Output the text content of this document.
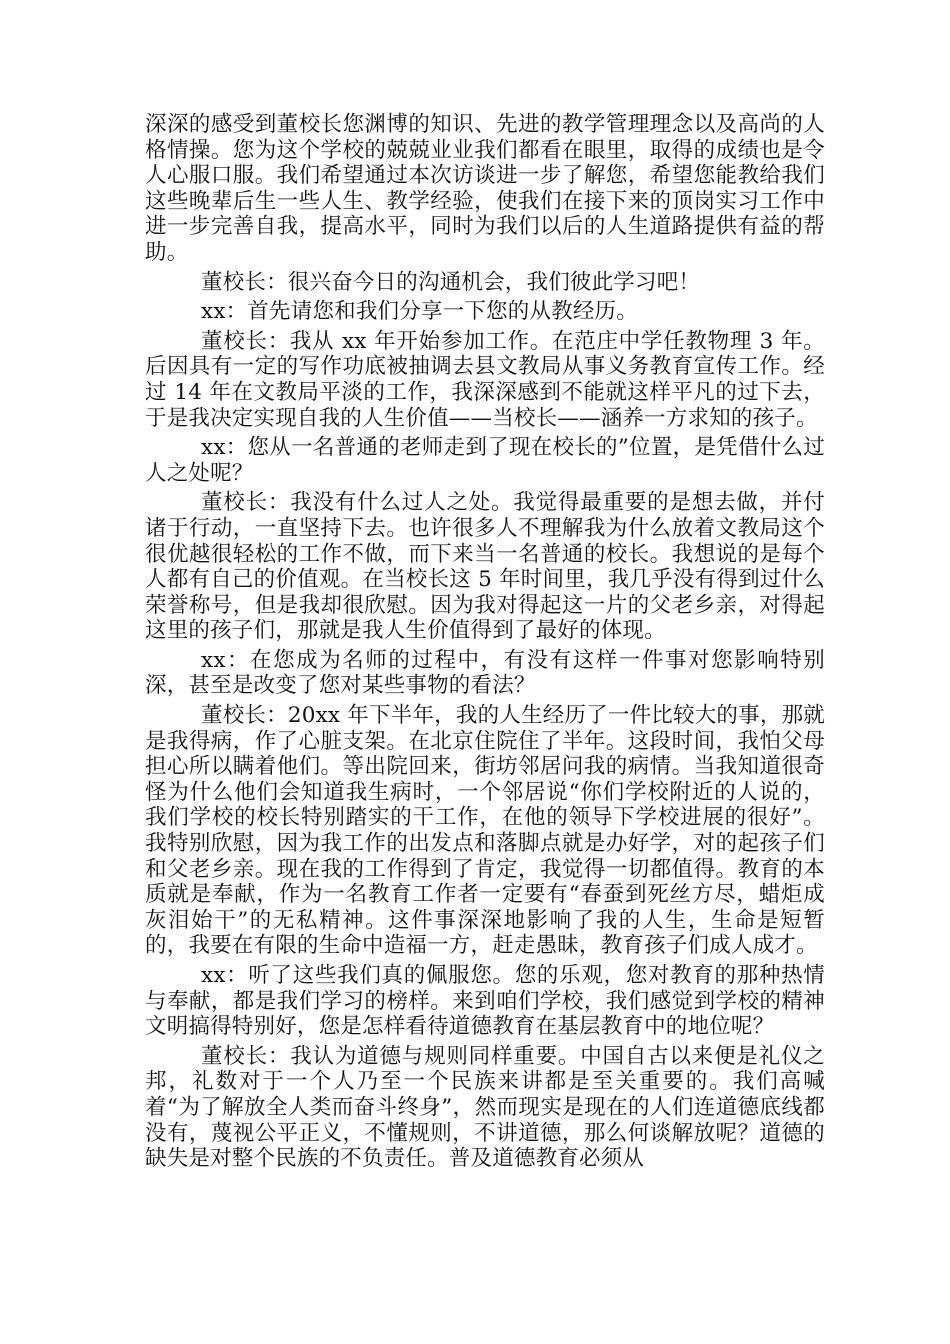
深深的感受到董校长您渊博的知识、先进的教学管理理念以及高尚的人格情操。您为这个学校的兢兢业业我们都看在眼里，取得的成绩也是令人心服口服。我们希望通过本次访谈进一步了解您，希望您能教给我们这些晚辈后生一些人生、教学经验，使我们在接下来的顶岗实习工作中进一步完善自我，提高水平，同时为我们以后的人生道路提供有益的帮助。

董校长：很兴奋今日的沟通机会，我们彼此学习吧！

xx：首先请您和我们分享一下您的从教经历。

董校长：我从 xx 年开始参加工作。在范庄中学任教物理 3 年。后因具有一定的写作功底被抽调去县文教局从事义务教育宣传工作。经过 14 年在文教局平淡的工作，我深深感到不能就这样平凡的过下去，于是我决定实现自我的人生价值——当校长——涵养一方求知的孩子。

xx：您从一名普通的老师走到了现在校长的”位置，是凭借什么过人之处呢？

董校长：我没有什么过人之处。我觉得最重要的是想去做，并付诸于行动，一直坚持下去。也许很多人不理解我为什么放着文教局这个很优越很轻松的工作不做，而下来当一名普通的校长。我想说的是每个人都有自己的价值观。在当校长这 5 年时间里，我几乎没有得到过什么荣誉称号，但是我却很欣慰。因为我对得起这一片的父老乡亲，对得起这里的孩子们，那就是我人生价值得到了最好的体现。

xx：在您成为名师的过程中，有没有这样一件事对您影响特别深，甚至是改变了您对某些事物的看法？

董校长：20xx 年下半年，我的人生经历了一件比较大的事，那就是我得病，作了心脏支架。在北京住院住了半年。这段时间，我怕父母担心所以瞒着他们。等出院回来，街坊邻居问我的病情。当我知道很奇怪为什么他们会知道我生病时，一个邻居说“你们学校附近的人说的，我们学校的校长特别踏实的干工作，在他的领导下学校进展的很好”。我特别欣慰，因为我工作的出发点和落脚点就是办好学，对的起孩子们和父老乡亲。现在我的工作得到了肯定，我觉得一切都值得。教育的本质就是奉献，作为一名教育工作者一定要有“春蚕到死丝方尽，蜡炬成灰泪始干”的无私精神。这件事深深地影响了我的人生，生命是短暂的，我要在有限的生命中造福一方，赶走愚昧，教育孩子们成人成才。

xx：听了这些我们真的佩服您。您的乐观，您对教育的那种热情与奉献，都是我们学习的榜样。来到咱们学校，我们感觉到学校的精神文明搞得特别好，您是怎样看待道德教育在基层教育中的地位呢？

董校长：我认为道德与规则同样重要。中国自古以来便是礼仪之邦，礼数对于一个人乃至一个民族来讲都是至关重要的。我们高喊着“为了解放全人类而奋斗终身”，然而现实是现在的人们连道德底线都没有，蔑视公平正义，不懂规则，不讲道德，那么何谈解放呢？道德的缺失是对整个民族的不负责任。普及道德教育必须从
